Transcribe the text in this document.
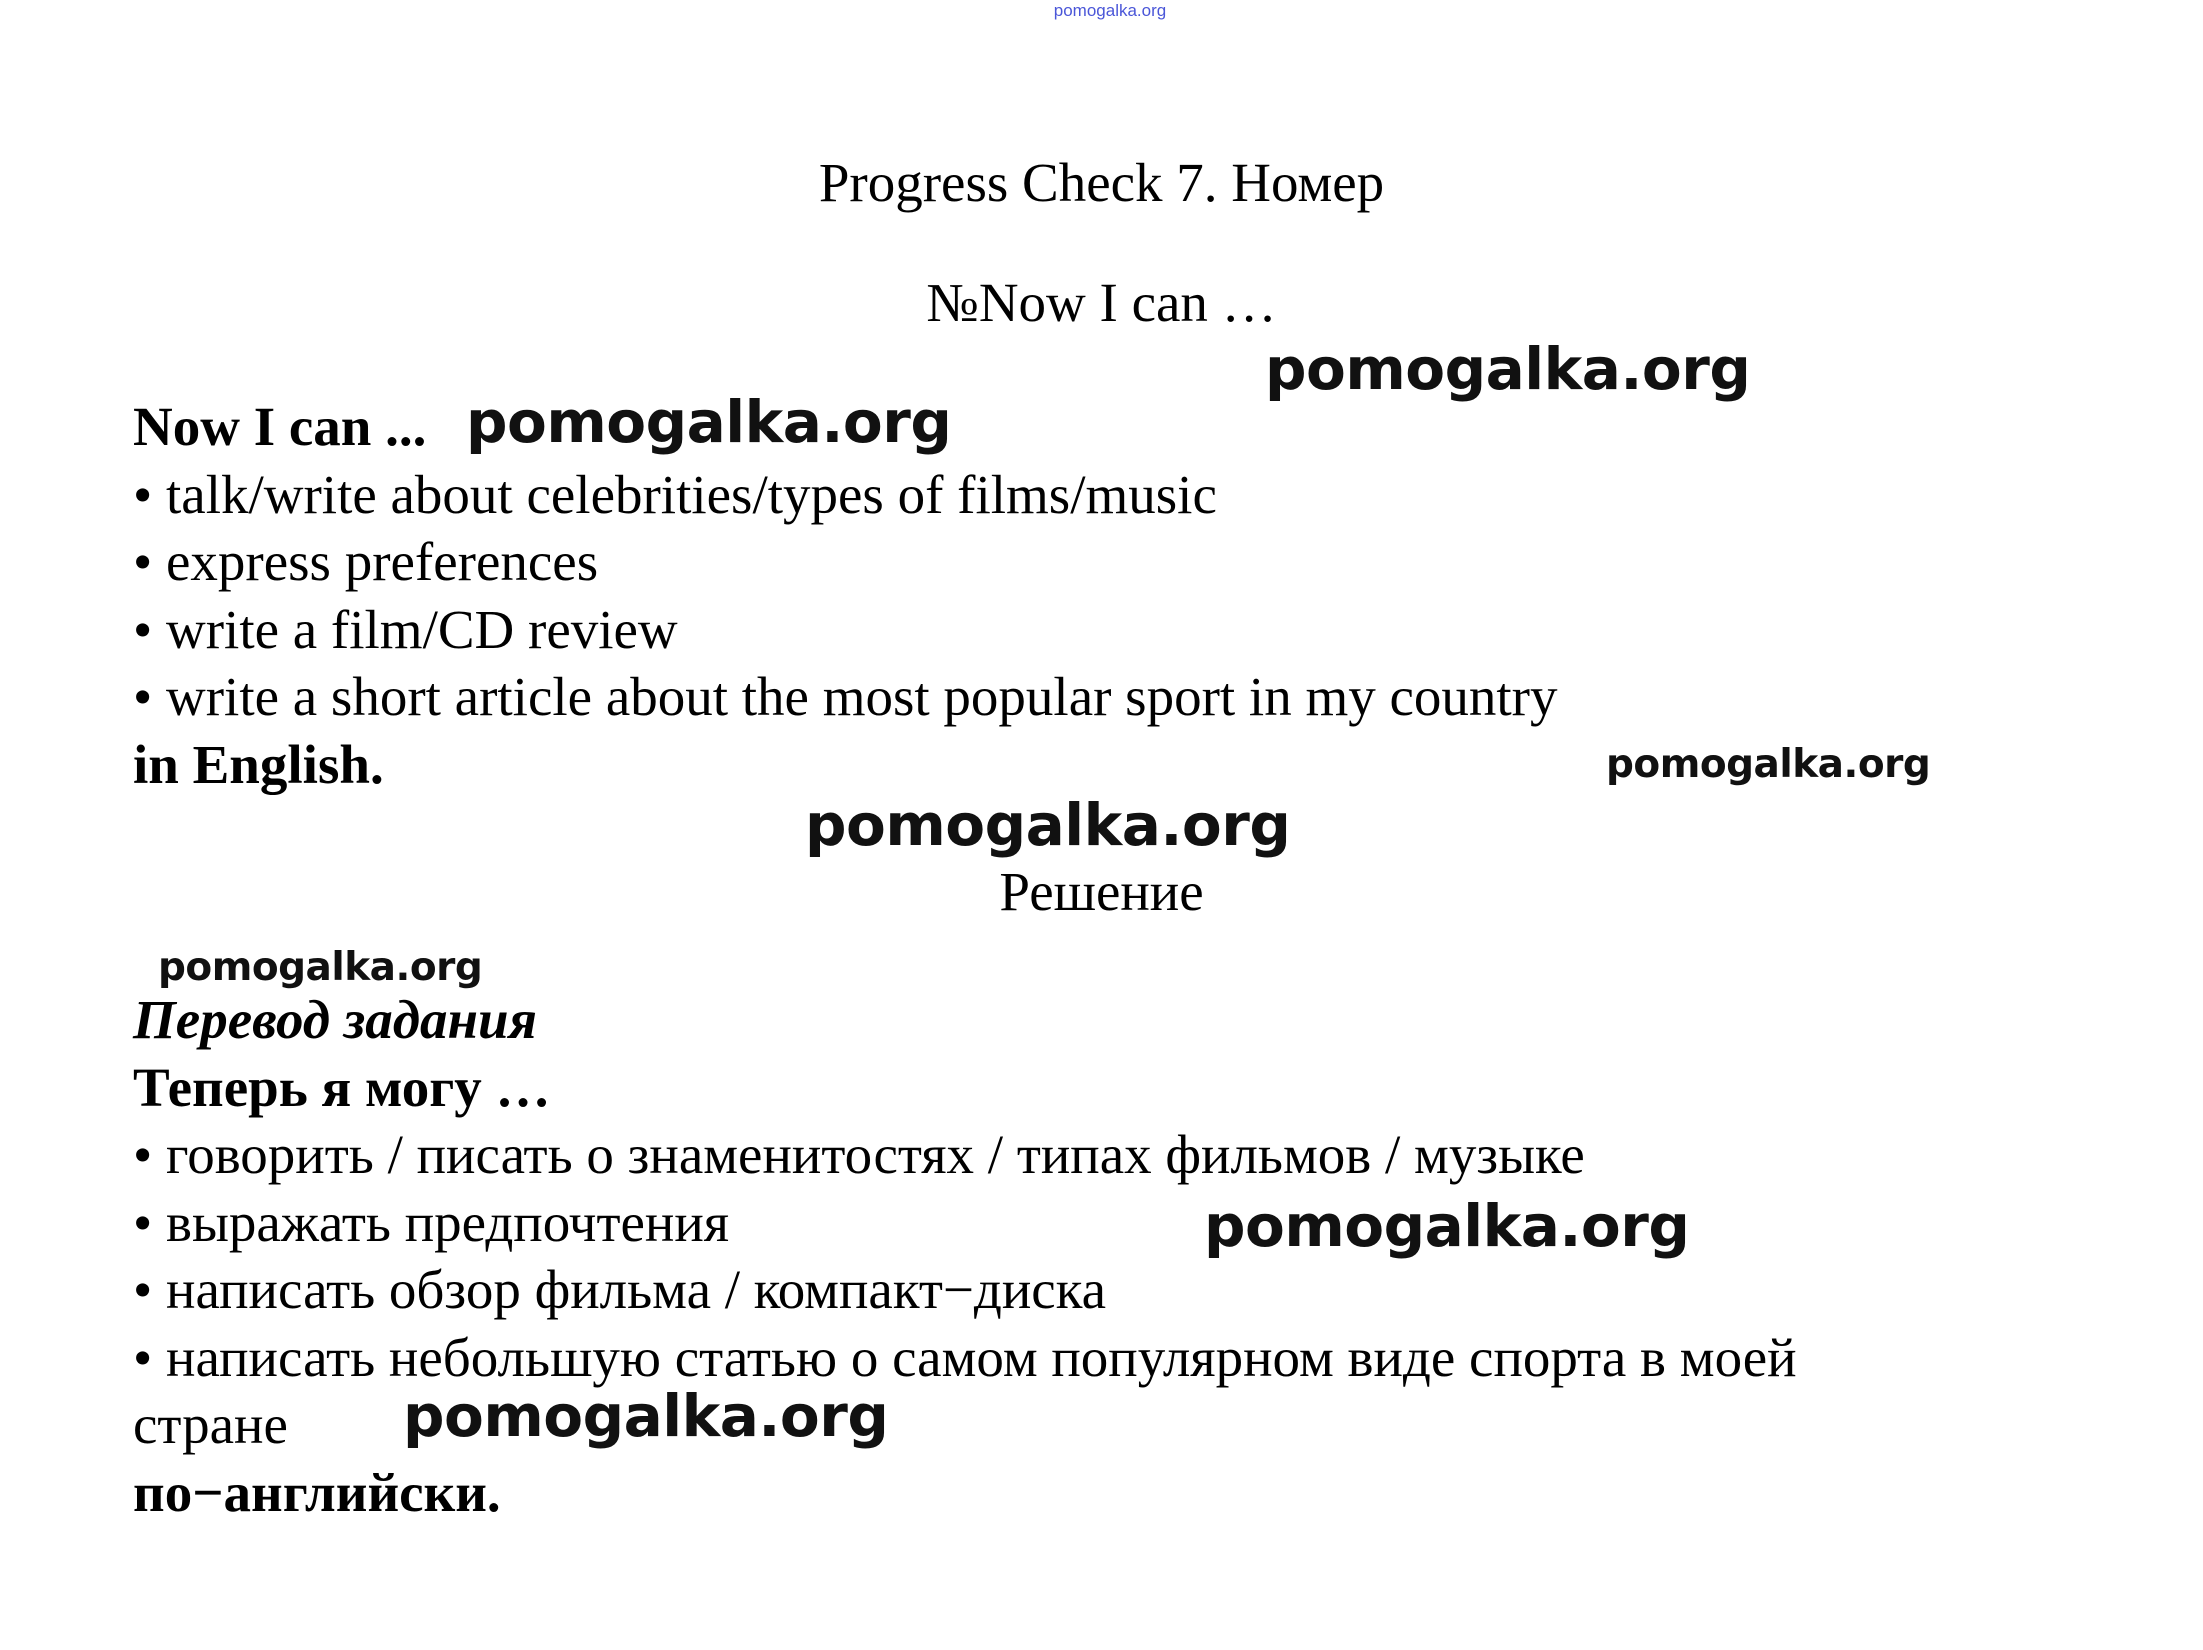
pomogalka.org
Progress Check 7. Номер
№Now I can …
Now I can ...
• talk/write about celebrities/types of films/music
• express preferences
• write a film/CD review
• write a short article about the most popular sport in my country
in English.
Решение
Перевод задания
Теперь я могу …
• говорить / писать о знаменитостях / типах фильмов / музыке
• выражать предпочтения
• написать обзор фильма / компакт−диска
• написать небольшую статью о самом популярном виде спорта в моей
стране
по−английски.
pomogalka.org
pomogalka.org
pomogalka.org
pomogalka.org
pomogalka.org
pomogalka.org
pomogalka.org
